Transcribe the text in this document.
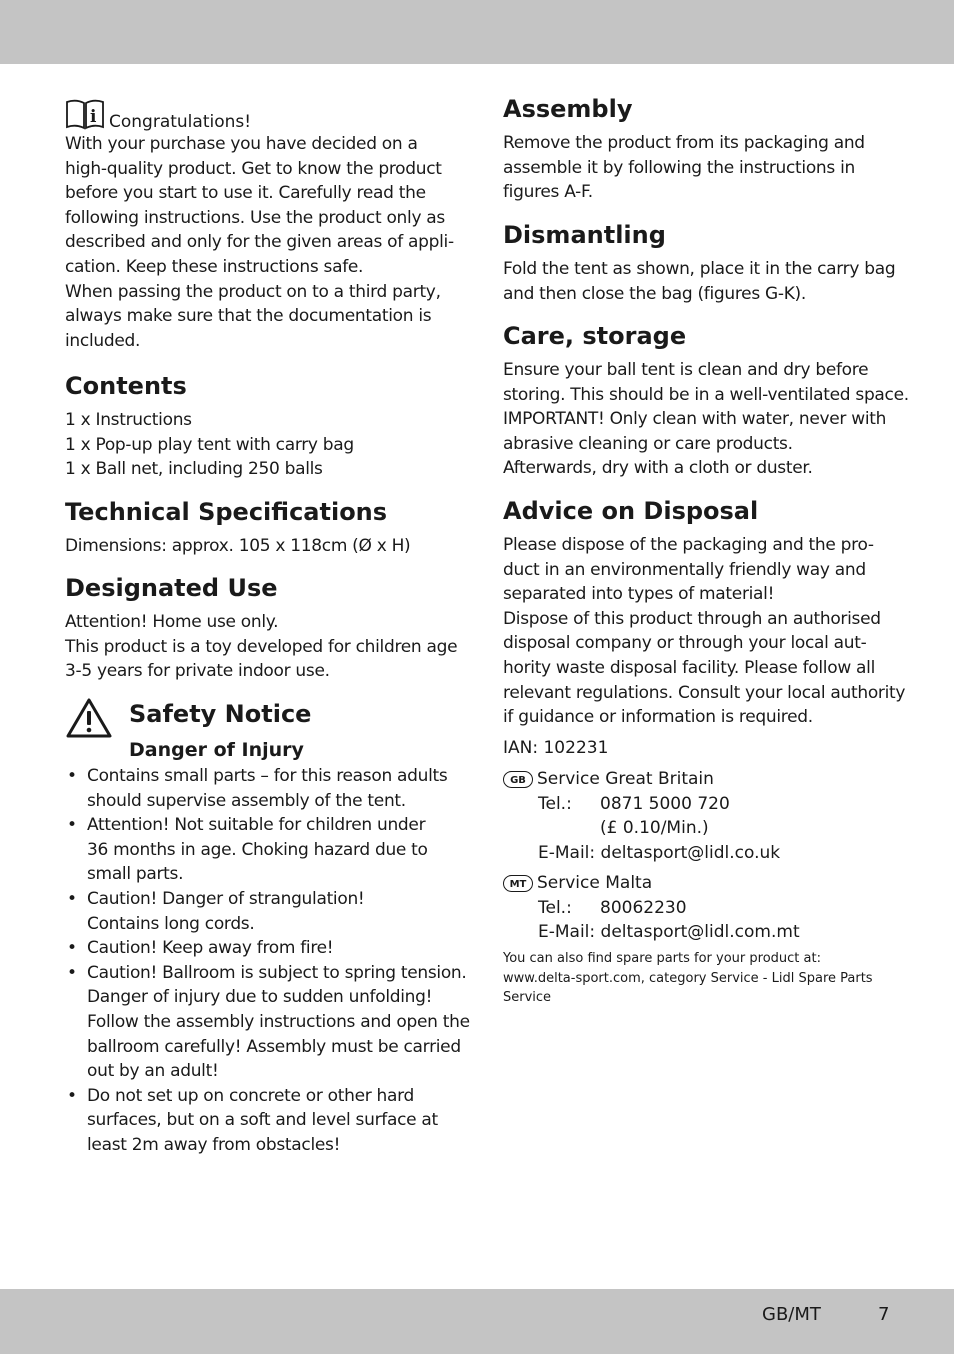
i Congratulations!
With your purchase you have decided on a
high-quality product. Get to know the product
before you start to use it. Carefully read the
following instructions. Use the product only as
described and only for the given areas of appli-
cation. Keep these instructions safe.
When passing the product on to a third party,
always make sure that the documentation is
included.
Contents
1 x Instructions
1 x Pop-up play tent with carry bag
1 x Ball net, including 250 balls
Technical Specifications

Dimensions: approx. 105 x 118cm (Ø x H)

Designated Use
Attention! Home use only.
This product is a toy developed for children age
3-5 years for private indoor use.
Safety Notice
Danger of Injury
• Contains small parts – for this reason adults
should supervise assembly of the tent.
• Attention! Not suitable for children under
36 months in age. Choking hazard due to
small parts.
• Caution! Danger of strangulation!
Contains long cords.
• Caution! Keep away from fire!
• Caution! Ballroom is subject to spring tension.
Danger of injury due to sudden unfolding!
Follow the assembly instructions and open the
ballroom carefully! Assembly must be carried
out by an adult!
• Do not set up on concrete or other hard
surfaces, but on a soft and level surface at
least 2m away from obstacles!
Assembly
Remove the product from its packaging and
assemble it by following the instructions in
figures A-F.
Dismantling
Fold the tent as shown, place it in the carry bag
and then close the bag (figures G-K).
Care, storage
Ensure your ball tent is clean and dry before
storing. This should be in a well-ventilated space.
IMPORTANT! Only clean with water, never with
abrasive cleaning or care products.
Afterwards, dry with a cloth or duster.
Advice on Disposal
Please dispose of the packaging and the pro-
duct in an environmentally friendly way and
separated into types of material!
Dispose of this product through an authorised
disposal company or through your local aut-
hority waste disposal facility. Please follow all
relevant regulations. Consult your local authority
if guidance or information is required.

IAN: 102231

GB Service Great Britain
Tel.: 0871 5000 720
(£ 0.10/Min.)
E-Mail: deltasport@lidl.co.uk
MT Service Malta
Tel.: 80062230
E-Mail: deltasport@lidl.com.mt
You can also find spare parts for your product at:
www.delta-sport.com, category Service - Lidl Spare Parts
Service
GB/MT	7
